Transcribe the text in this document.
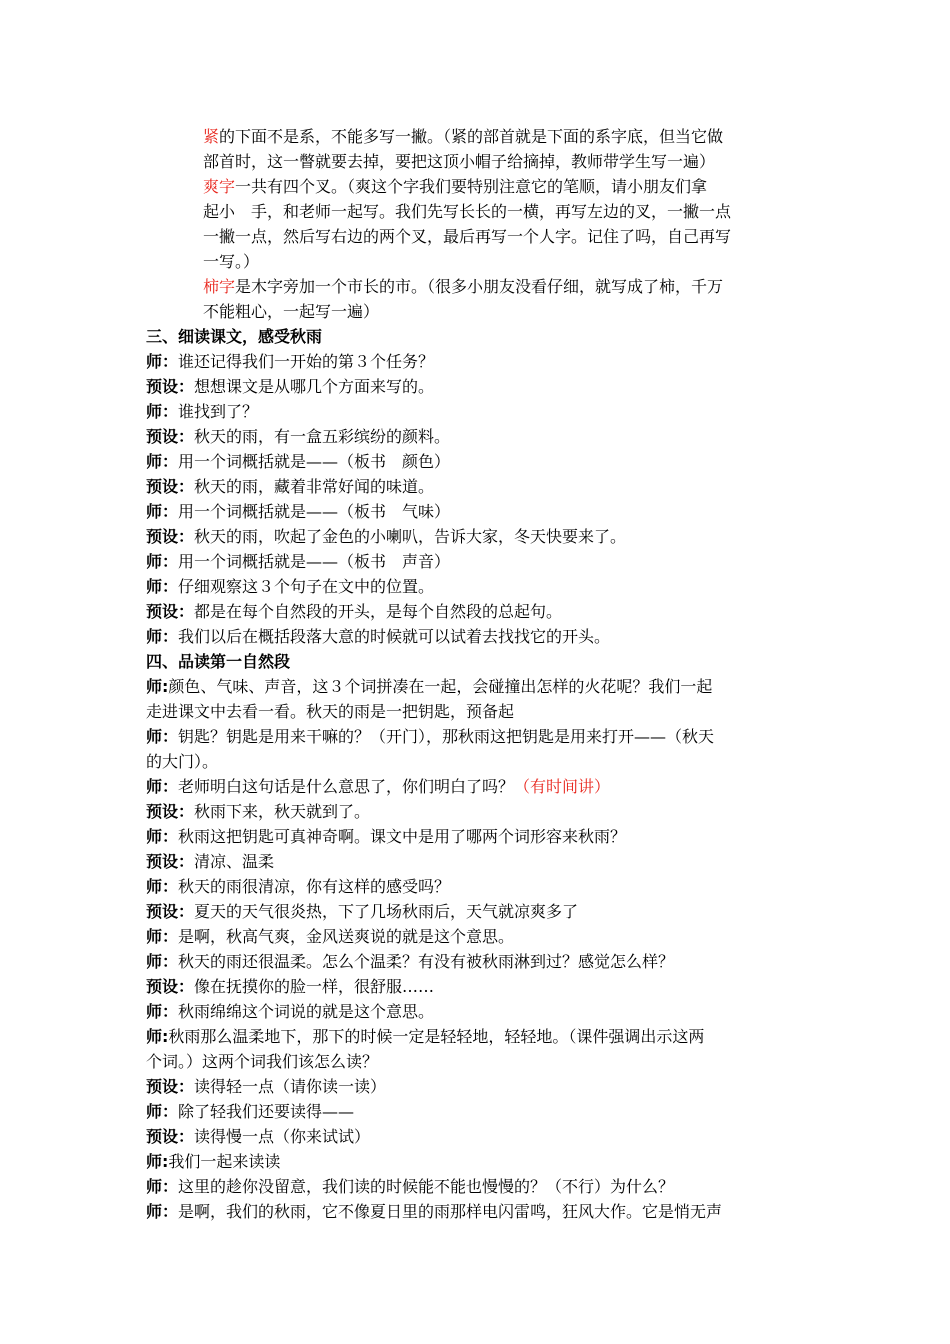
紧的下面不是系，不能多写一撇。（紧的部首就是下面的系字底，但当它做
部首时，这一瞥就要去掉，要把这顶小帽子给摘掉，教师带学生写一遍）
爽字一共有四个叉。（爽这个字我们要特别注意它的笔顺，请小朋友们拿
起小　手，和老师一起写。我们先写长长的一横，再写左边的叉，一撇一点
一撇一点，然后写右边的两个叉，最后再写一个人字。记住了吗，自己再写
一写。）
柿字是木字旁加一个市长的市。（很多小朋友没看仔细，就写成了柿，千万
不能粗心，一起写一遍）
三、细读课文，感受秋雨
师：谁还记得我们一开始的第３个任务？
预设：想想课文是从哪几个方面来写的。
师：谁找到了？
预设：秋天的雨，有一盒五彩缤纷的颜料。
师：用一个词概括就是——（板书　颜色）
预设：秋天的雨，藏着非常好闻的味道。
师：用一个词概括就是——（板书　气味）
预设：秋天的雨，吹起了金色的小喇叭，告诉大家，冬天快要来了。
师：用一个词概括就是——（板书　声音）
师：仔细观察这３个句子在文中的位置。
预设：都是在每个自然段的开头，是每个自然段的总起句。
师：我们以后在概括段落大意的时候就可以试着去找找它的开头。
四、品读第一自然段
师:颜色、气味、声音，这３个词拼凑在一起，会碰撞出怎样的火花呢？我们一起
走进课文中去看一看。秋天的雨是一把钥匙，预备起
师：钥匙？钥匙是用来干嘛的？（开门），那秋雨这把钥匙是用来打开——（秋天
的大门）。
师：老师明白这句话是什么意思了，你们明白了吗？（有时间讲）
预设：秋雨下来，秋天就到了。
师：秋雨这把钥匙可真神奇啊。课文中是用了哪两个词形容来秋雨？
预设：清凉、温柔
师：秋天的雨很清凉，你有这样的感受吗？
预设：夏天的天气很炎热，下了几场秋雨后，天气就凉爽多了
师：是啊，秋高气爽，金风送爽说的就是这个意思。
师：秋天的雨还很温柔。怎么个温柔？有没有被秋雨淋到过？感觉怎么样？
预设：像在抚摸你的脸一样，很舒服……
师：秋雨绵绵这个词说的就是这个意思。
师:秋雨那么温柔地下，那下的时候一定是轻轻地，轻轻地。（课件强调出示这两
个词。）这两个词我们该怎么读？
预设：读得轻一点（请你读一读）
师：除了轻我们还要读得——
预设：读得慢一点（你来试试）
师:我们一起来读读
师：这里的趁你没留意，我们读的时候能不能也慢慢的？（不行）为什么？
师：是啊，我们的秋雨，它不像夏日里的雨那样电闪雷鸣，狂风大作。它是悄无声
